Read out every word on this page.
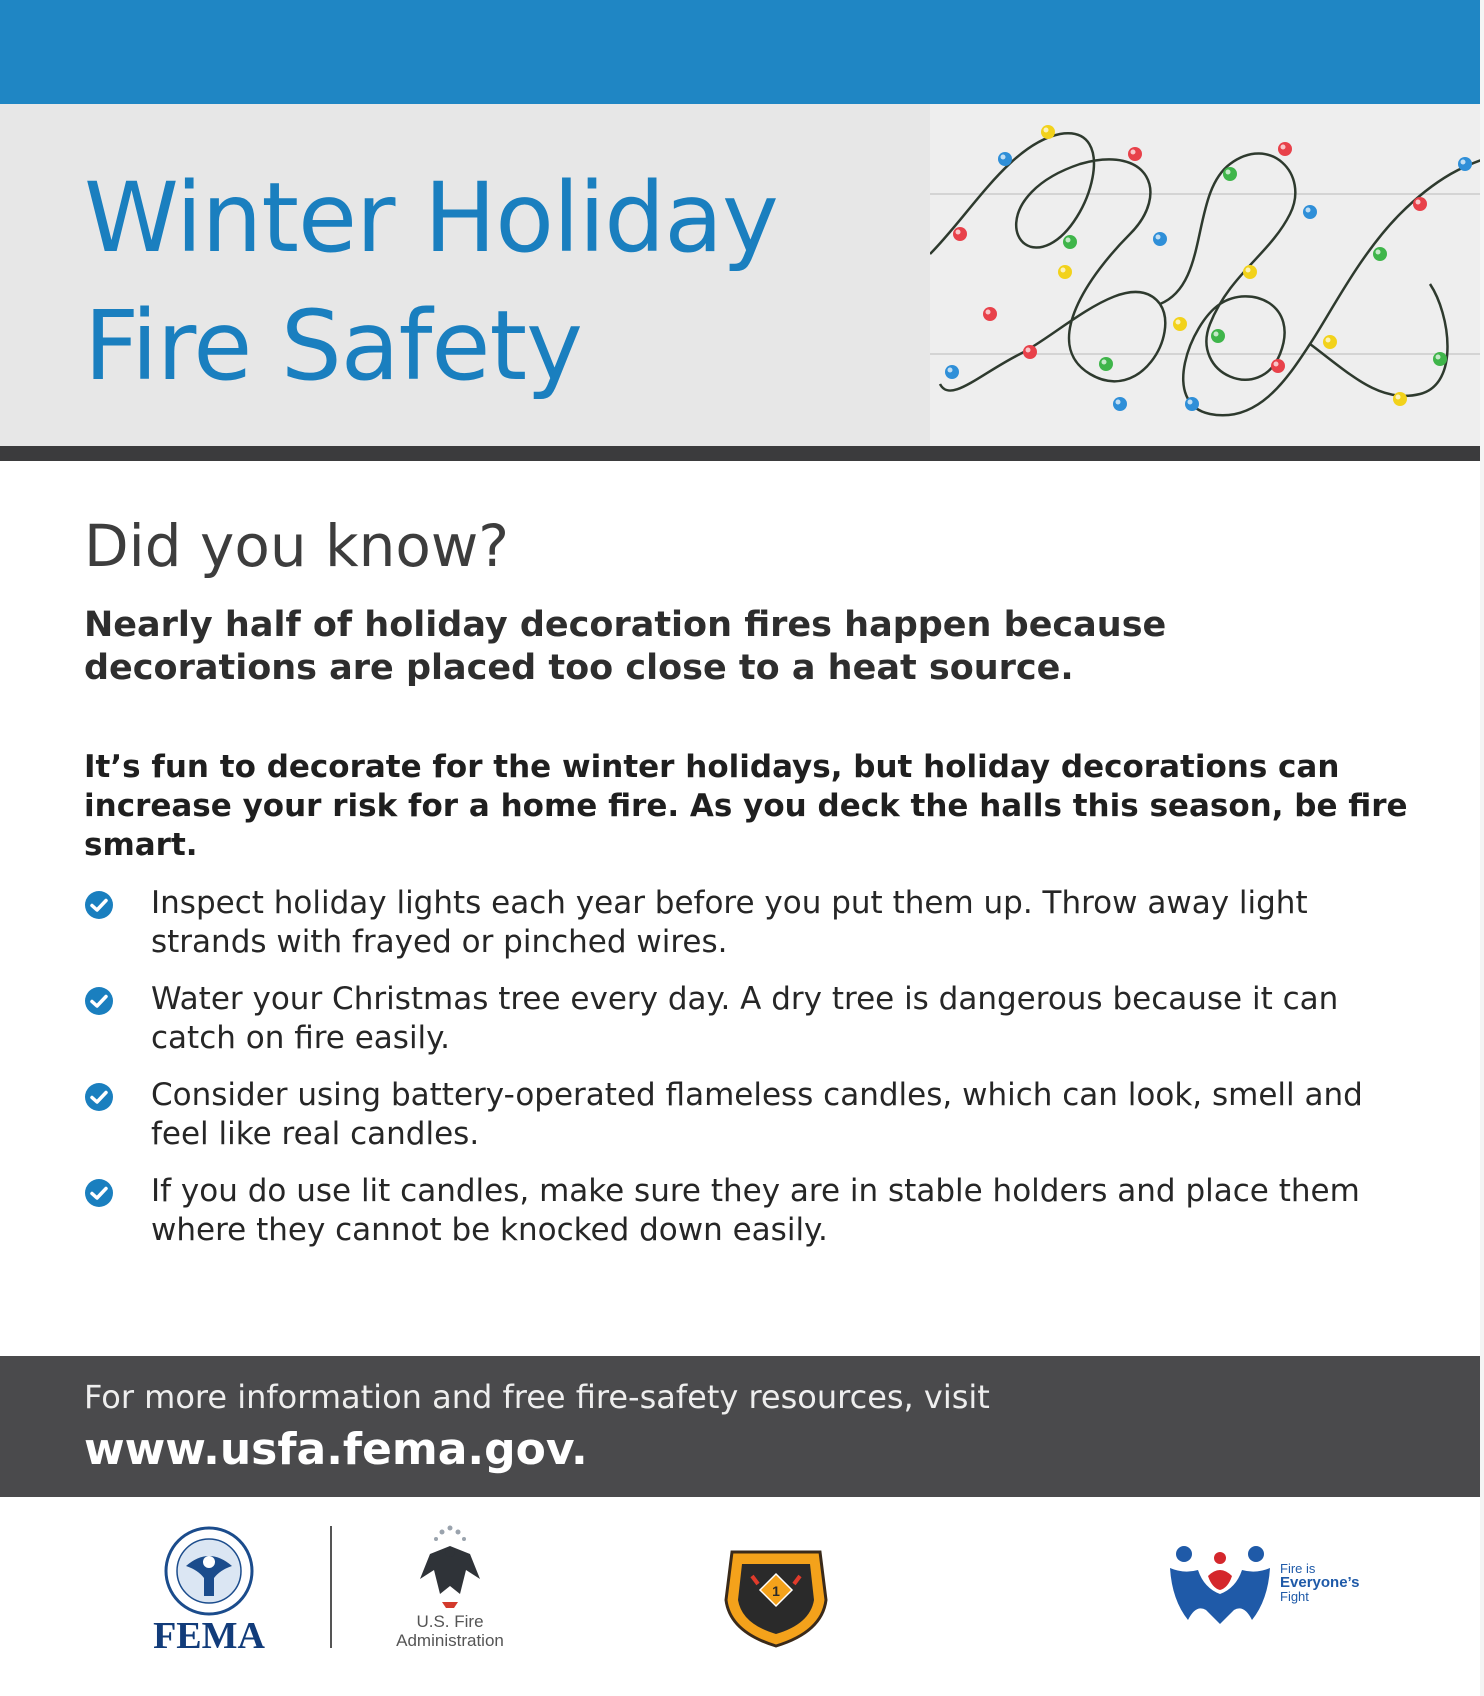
Winter Holiday
Fire Safety
Did you know?

Nearly half of holiday decoration fires happen because decorations are placed too close to a heat source.

It’s fun to decorate for the winter holidays, but holiday decorations can increase your risk for a home fire. As you deck the halls this season, be fire smart.

Inspect holiday lights each year before you put them up. Throw away light strands with frayed or pinched wires.
Water your Christmas tree every day. A dry tree is dangerous because it can catch on fire easily.
Consider using battery-operated flameless candles, which can look, smell and feel like real candles.
If you do use lit candles, make sure they are in stable holders and place them where they cannot be knocked down easily.
For more information and free fire-safety resources, visit
www.usfa.fema.gov.
FEMA	U.S. Fire
Administration
1
Fire is
Everyone’s
Fight
